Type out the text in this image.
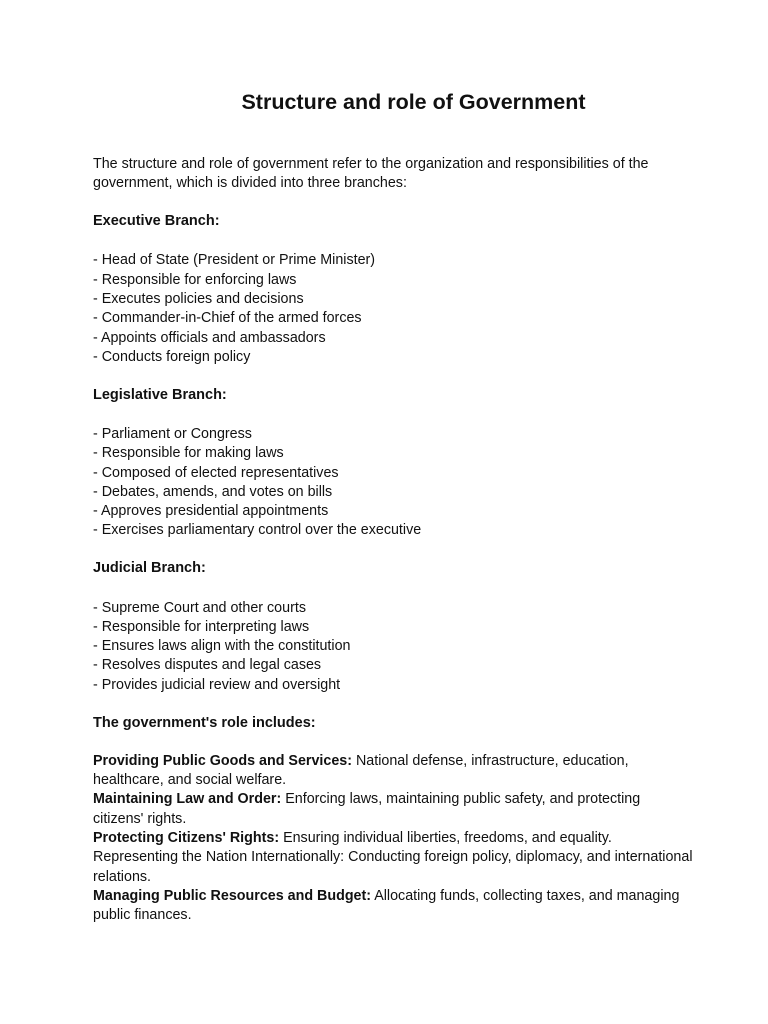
Structure and role of Government
The structure and role of government refer to the organization and responsibilities of the government, which is divided into three branches:
Executive Branch:
- Head of State (President or Prime Minister)
- Responsible for enforcing laws
- Executes policies and decisions
- Commander-in-Chief of the armed forces
- Appoints officials and ambassadors
- Conducts foreign policy
Legislative Branch:
- Parliament or Congress
- Responsible for making laws
- Composed of elected representatives
- Debates, amends, and votes on bills
- Approves presidential appointments
- Exercises parliamentary control over the executive
Judicial Branch:
- Supreme Court and other courts
- Responsible for interpreting laws
- Ensures laws align with the constitution
- Resolves disputes and legal cases
- Provides judicial review and oversight
The government's role includes:
Providing Public Goods and Services: National defense, infrastructure, education, healthcare, and social welfare.
Maintaining Law and Order: Enforcing laws, maintaining public safety, and protecting citizens' rights.
Protecting Citizens' Rights: Ensuring individual liberties, freedoms, and equality.
Representing the Nation Internationally: Conducting foreign policy, diplomacy, and international relations.
Managing Public Resources and Budget: Allocating funds, collecting taxes, and managing public finances.
